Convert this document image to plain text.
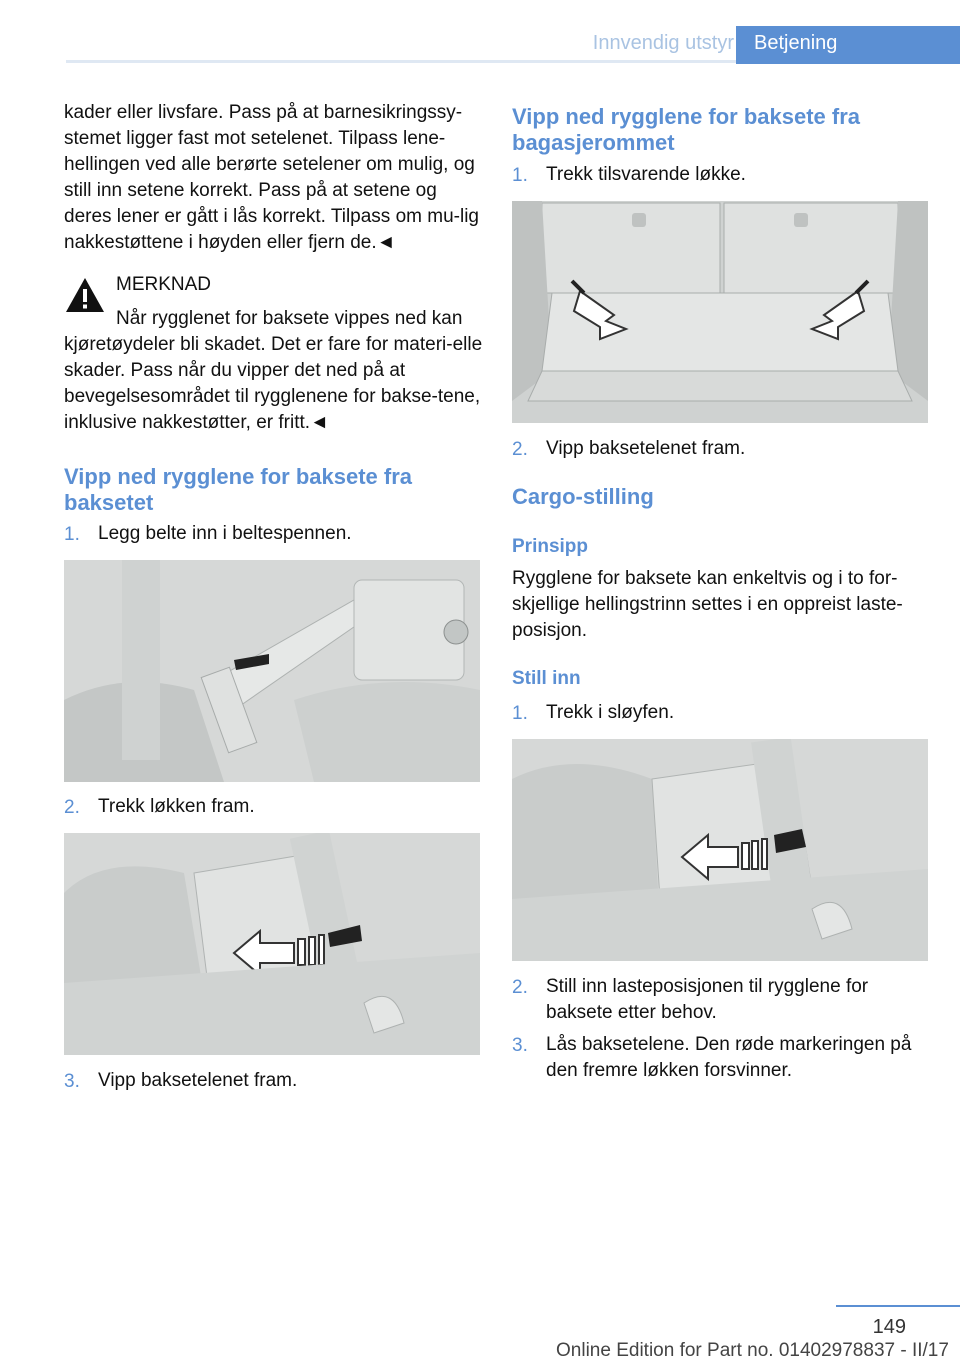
Innvendig utstyr	Betjening

kader eller livsfare. Pass på at barnesikringssy-stemet ligger fast mot setelenet. Tilpass lene-hellingen ved alle berørte setelener om mulig, og still inn setene korrekt. Pass på at setene og deres lener er gått i lås korrekt. Tilpass om mu-lig nakkestøttene i høyden eller fjern de.◄

MERKNAD

Når rygglenet for baksete vippes ned kan kjøretøydeler bli skadet. Det er fare for materi-elle skader. Pass når du vipper det ned på at bevegelsesområdet til rygglenene for bakse-tene, inklusive nakkestøtter, er fritt.◄

Vipp ned rygglene for baksete fra baksetet
1. Legg belte inn i beltespennen.
2. Trekk løkken fram.
3. Vipp baksetelenet fram.
Vipp ned rygglene for baksete fra bagasjerommet
1. Trekk tilsvarende løkke.
2. Vipp baksetelenet fram.
Cargo-stilling
Prinsipp

Rygglene for baksete kan enkeltvis og i to for-skjellige hellingstrinn settes i en oppreist laste-posisjon.

Still inn
1. Trekk i sløyfen.
2. Still inn lasteposisjonen til rygglene for baksete etter behov.
3. Lås baksetelene. Den røde markeringen på den fremre løkken forsvinner.
149
Online Edition for Part no. 01402978837 - II/17
